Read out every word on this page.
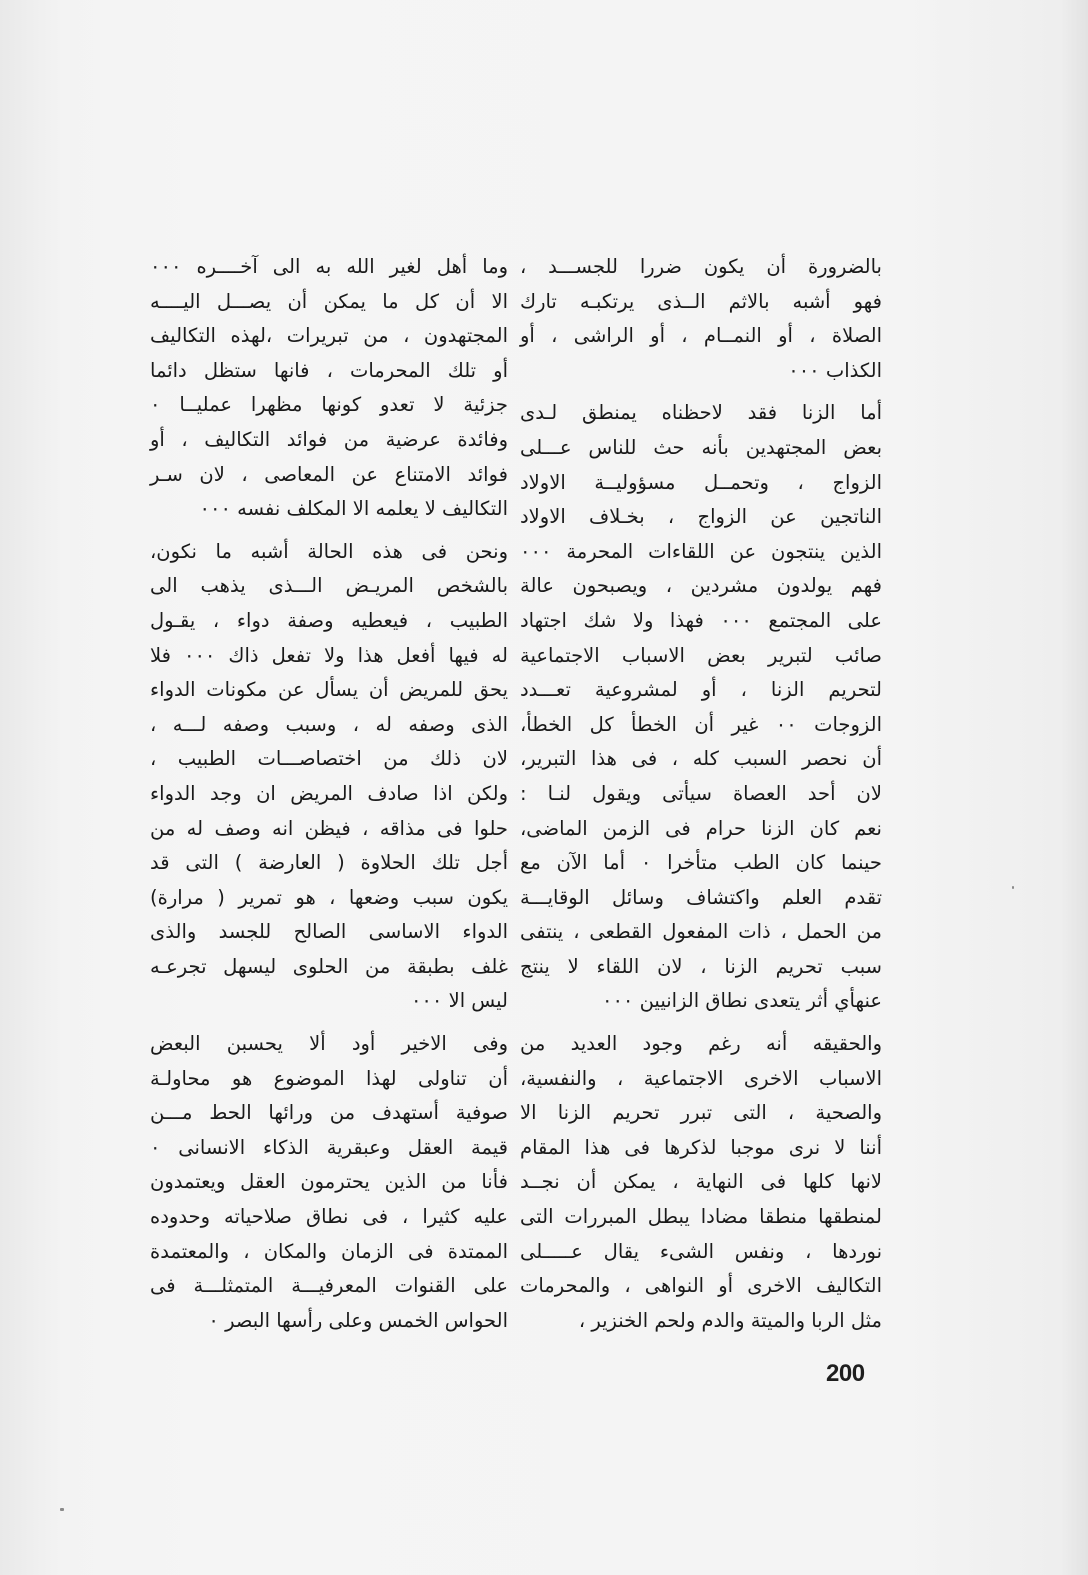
بالضرورة أن يكون ضررا للجســـد ،
فهو أشبه بالاثم الــذى يرتكبـه تارك
الصلاة ، أو النمــام ، أو الراشى ، أو
الكذاب ٠٠٠
أما الزنا فقد لاحظناه يمنطق لـدى
بعض المجتهدين بأنه حث للناس عـــلى
الزواج ، وتحمــل مسؤوليــة الاولاد
الناتجين عن الزواج ، بخـلاف الاولاد
الذين ينتجون عن اللقاءات المحرمة ٠٠٠
فهم يولدون مشردين ، ويصبحون عالة
على المجتمع ٠٠٠ فهذا ولا شك اجتهاد
صائب لتبرير بعض الاسباب الاجتماعية
لتحريم الزنا ، أو لمشروعية تعـــدد
الزوجات ٠٠ غير أن الخطأ كل الخطأ،
أن نحصر السبب كله ، فى هذا التبرير،
لان أحد العصاة سيأتى ويقول لنـا :
نعم كان الزنا حرام فى الزمن الماضى،
حينما كان الطب متأخرا ٠ أما الآن مع
تقدم العلم واكتشاف وسائل الوقايـــة
من الحمل ، ذات المفعول القطعى ، ينتفى
سبب تحريم الزنا ، لان اللقاء لا ينتج
عنهأي أثر يتعدى نطاق الزانيين ٠٠٠
والحقيقه أنه رغم وجود العديد من
الاسباب الاخرى الاجتماعية ، والنفسية،
والصحية ، التى تبرر تحريم الزنا الا
أننا لا نرى موجبا لذكرها فى هذا المقام
لانها كلها فى النهاية ، يمكن أن نجــد
لمنطقها منطقا مضادا يبطل المبررات التى
نوردها ، ونفس الشىء يقال عـــــلى
التكاليف الاخرى أو النواهى ، والمحرمات
مثل الربا والميتة والدم ولحم الخنزير ،
وما أهل لغير الله به الى آخــــره ٠٠٠
الا أن كل ما يمكن أن يصـــل اليــــه
المجتهدون ، من تبريرات ،لهذه التكاليف
أو تلك المحرمات ، فانها ستظل دائما
جزئية لا تعدو كونها مظهرا عمليــا ٠
وفائدة عرضية من فوائد التكاليف ، أو
فوائد الامتناع عن المعاصى ، لان سـر
التكاليف لا يعلمه الا المكلف نفسه ٠٠٠
ونحن فى هذه الحالة أشبه ما نكون،
بالشخص المريـض الـــذى يذهب الى
الطبيب ، فيعطيه وصفة دواء ، يقـول
له فيها أفعل هذا ولا تفعل ذاك ٠٠٠ فلا
يحق للمريض أن يسأل عن مكونات الدواء
الذى وصفه له ، وسبب وصفه لـــه ،
لان ذلك من اختصاصـــات الطبيب ،
ولكن اذا صادف المريض ان وجد الدواء
حلوا فى مذاقه ، فيظن انه وصف له من
أجل تلك الحلاوة ( العارضة ) التى قد
يكون سبب وضعها ، هو تمرير ( مرارة)
الدواء الاساسى الصالح للجسد والذى
غلف بطبقة من الحلوى ليسهل تجرعـه
ليس الا ٠٠٠
وفى الاخير أود ألا يحسبن البعض
أن تناولى لهذا الموضوع هو محاولـة
صوفية أستهدف من ورائها الحط مـــن
قيمة العقل وعبقرية الذكاء الانسانى ٠
فأنا من الذين يحترمون العقل ويعتمدون
عليه كثيرا ، فى نطاق صلاحياته وحدوده
الممتدة فى الزمان والمكان ، والمعتمدة
على القنوات المعرفيـــة المتمثلـــة فى
الحواس الخمس وعلى رأسها البصر ٠
200
